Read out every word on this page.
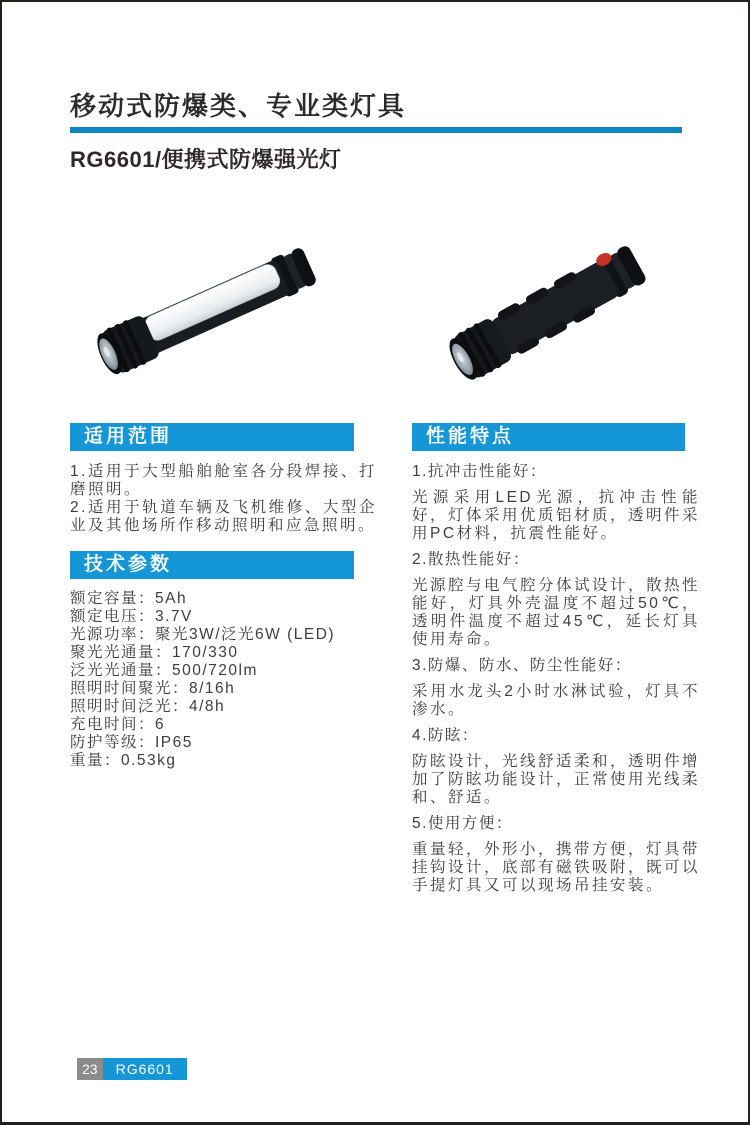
移动式防爆类、专业类灯具
RG6601/便携式防爆强光灯
适用范围

1.适用于大型船舶舱室各分段焊接、打磨照明。

2.适用于轨道车辆及飞机维修、大型企业及其他场所作移动照明和应急照明。

技术参数
额定容量：5Ah
额定电压：3.7V
光源功率：聚光3W/泛光6W (LED)
聚光光通量：170/330
泛光光通量：500/720lm
照明时间聚光：8/16h
照明时间泛光：4/8h
充电时间：6
防护等级：IP65
重量：0.53kg
性能特点

1.抗冲击性能好：

光源采用LED光源，抗冲击性能好，灯体采用优质铝材质，透明件采用PC材料，抗震性能好。

2.散热性能好：

光源腔与电气腔分体试设计，散热性能好，灯具外壳温度不超过50℃，透明件温度不超过45℃，延长灯具使用寿命。

3.防爆、防水、防尘性能好：

采用水龙头2小时水淋试验，灯具不渗水。

4.防眩：

防眩设计，光线舒适柔和，透明件增加了防眩功能设计，正常使用光线柔和、舒适。

5.使用方便：

重量轻，外形小，携带方便，灯具带挂钩设计，底部有磁铁吸附，既可以手提灯具又可以现场吊挂安装。

23	RG6601
